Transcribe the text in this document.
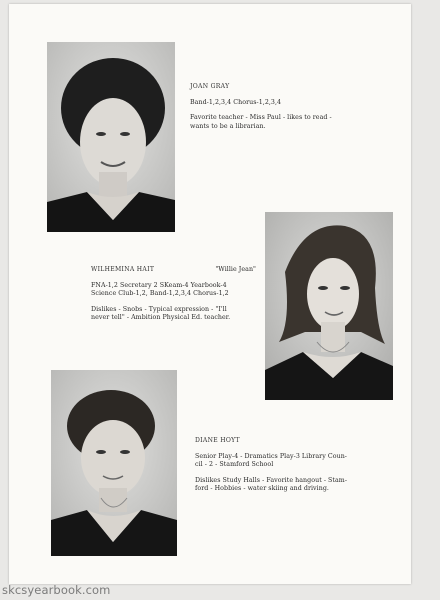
JOAN GRAY
Band-1,2,3,4 Chorus-1,2,3,4
Favorite teacher - Miss Paul - likes to read -
wants to be a librarian.
WILHEMINA HAIT	"Willie Jean"
FNA-1,2 Secretary 2 SKeam-4 Yearbook-4
Science Club-1,2, Band-1,2,3,4 Chorus-1,2
Dislikes - Snobs - Typical expression - "I'll
never tell" - Ambition Physical Ed. teacher.
DIANE HOYT
Senior Play-4 - Dramatics Play-3 Library Coun-
cil - 2 - Stamford School
Dislikes Study Halls - Favorite hangout - Stam-
ford - Hobbies - water skiing and driving.
skcsyearbook.com
